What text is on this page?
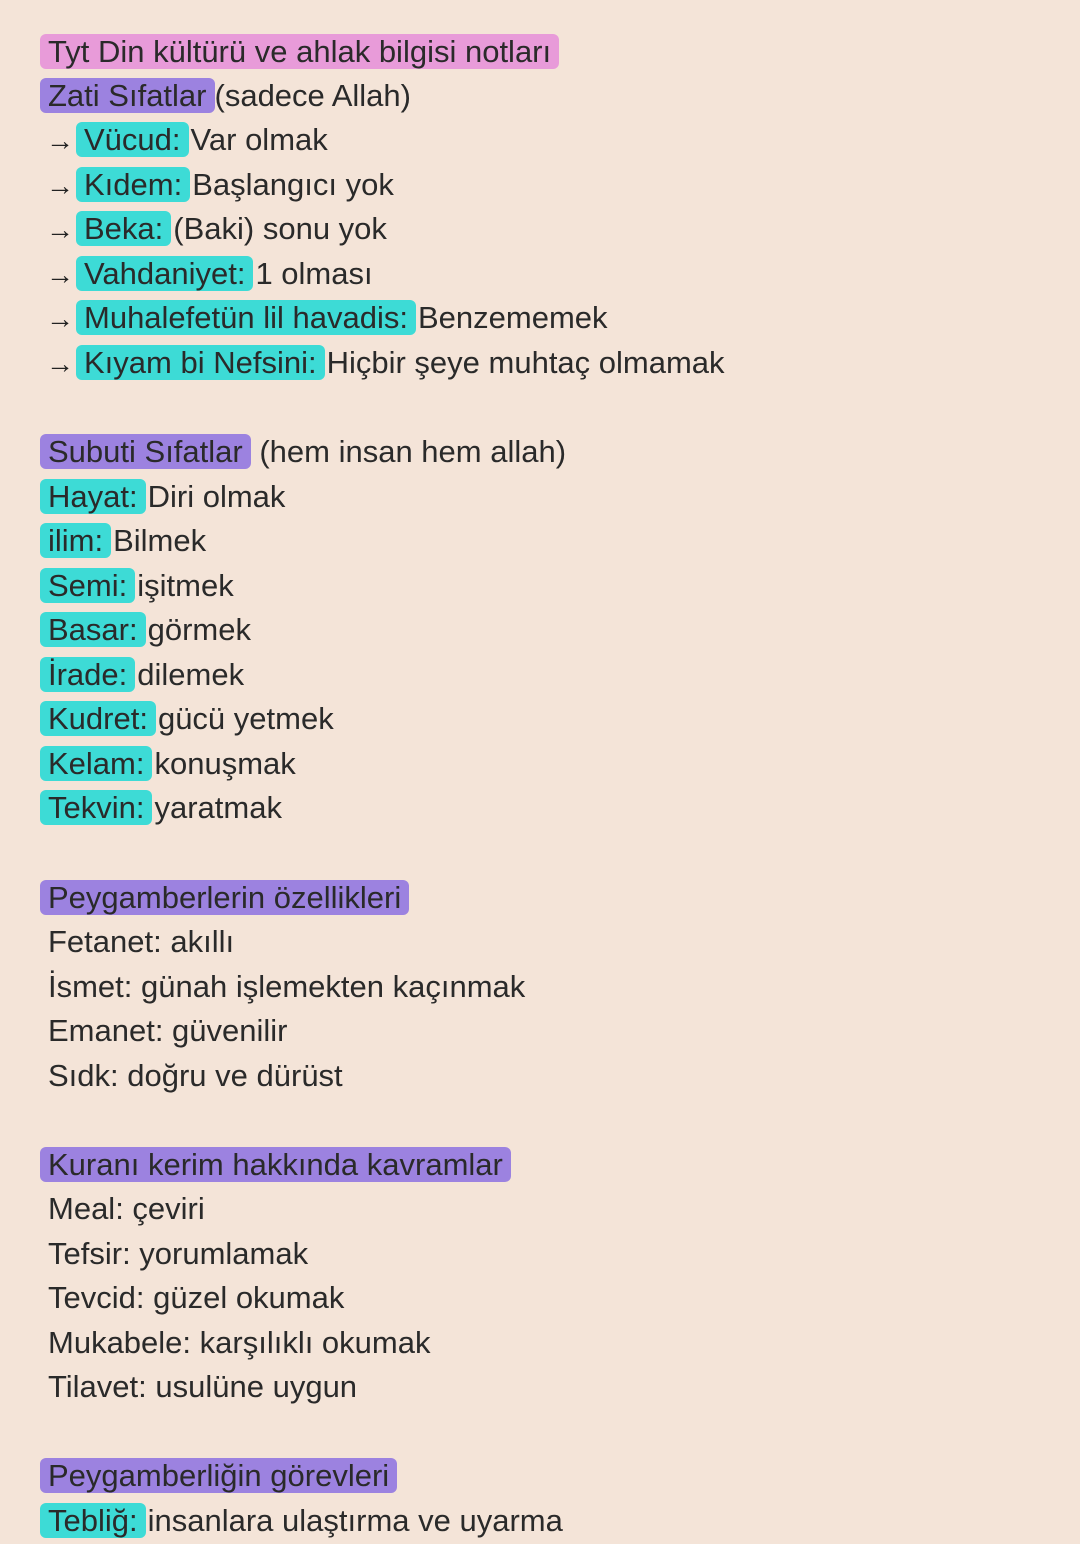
Tyt Din kültürü ve ahlak bilgisi notları
Zati Sıfatlar (sadece Allah)
→ Vücud: Var olmak
→ Kıdem: Başlangıcı yok
→ Beka: (Baki) sonu yok
→ Vahdaniyet: 1 olması
→ Muhalefetün lil havadis: Benzememek
→ Kıyam bi Nefsini: Hiçbir şeye muhtaç olmamak
Subuti Sıfatlar (hem insan hem allah)
Hayat: Diri olmak
ilim: Bilmek
Semi: işitmek
Basar: görmek
İrade: dilemek
Kudret: gücü yetmek
Kelam: konuşmak
Tekvin: yaratmak
Peygamberlerin özellikleri
Fetanet: akıllı
İsmet: günah işlemekten kaçınmak
Emanet: güvenilir
Sıdk: doğru ve dürüst
Kuranı kerim hakkında kavramlar
Meal: çeviri
Tefsir: yorumlamak
Tevcid: güzel okumak
Mukabele: karşılıklı okumak
Tilavet: usulüne uygun
Peygamberliğin görevleri
Tebliğ: insanlara ulaştırma ve uyarma
